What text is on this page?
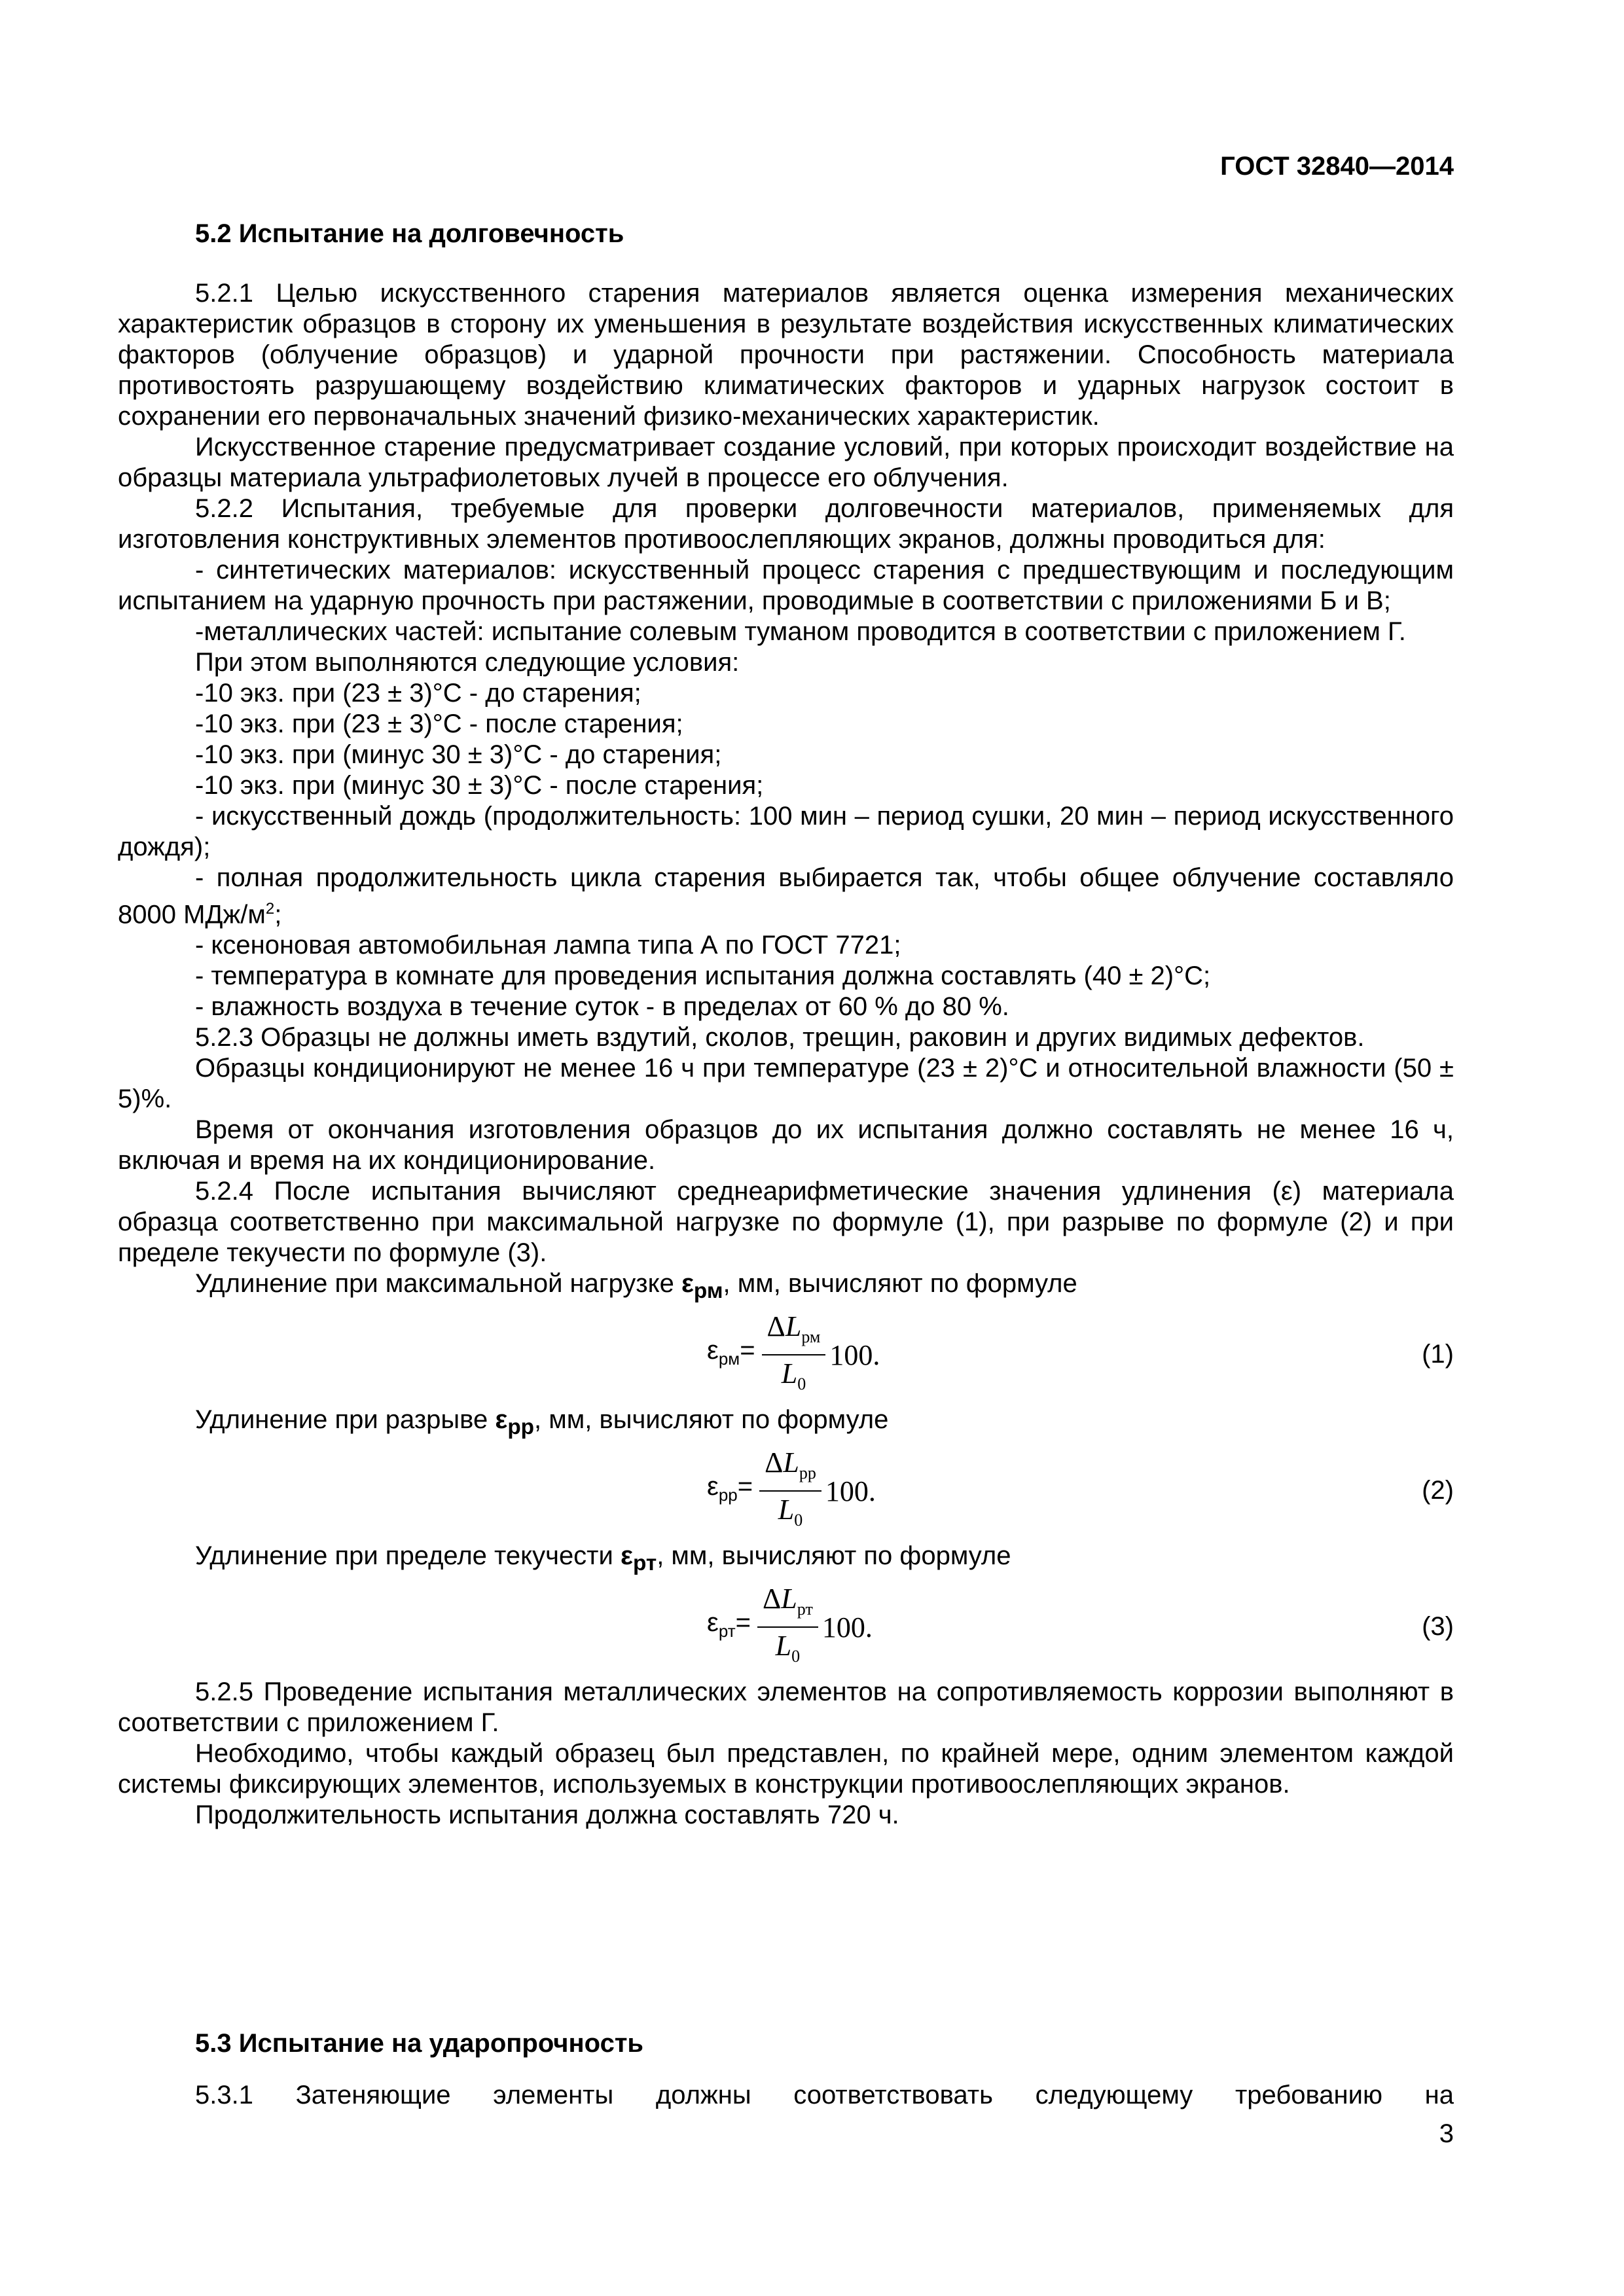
ГОСТ 32840—2014
5.2 Испытание на долговечность

5.2.1 Целью искусственного старения материалов является оценка измерения механических характеристик образцов в сторону их уменьшения в результате воздействия искусственных климатических факторов (облучение образцов) и ударной прочности при растяжении. Способность материала противостоять разрушающему воздействию климатических факторов и ударных нагрузок состоит в сохранении его первоначальных значений физико-механических характеристик.

Искусственное старение предусматривает создание условий, при которых происходит воздействие на образцы материала ультрафиолетовых лучей в процессе его облучения.

5.2.2 Испытания, требуемые для проверки долговечности материалов, применяемых для изготовления конструктивных элементов противоослепляющих экранов, должны проводиться для:

- синтетических материалов: искусственный процесс старения с предшествующим и последующим испытанием на ударную прочность при растяжении, проводимые в соответствии с приложениями Б и В;

-металлических частей: испытание солевым туманом проводится в соответствии с приложением Г.

При этом выполняются следующие условия:

-10 экз. при (23 ± 3)°С - до старения;

-10 экз. при (23 ± 3)°С - после старения;

-10 экз. при (минус 30 ± 3)°С - до старения;

-10 экз. при (минус 30 ± 3)°С - после старения;

- искусственный дождь (продолжительность: 100 мин – период сушки, 20 мин – период искусственного дождя);

- полная продолжительность цикла старения выбирается так, чтобы общее облучение составляло 8000 МДж/$м^2$;

- ксеноновая автомобильная лампа типа А по ГОСТ 7721;

- температура в комнате для проведения испытания должна составлять (40 ± 2)°С;

- влажность воздуха в течение суток - в пределах от 60 % до 80 %.

5.2.3 Образцы не должны иметь вздутий, сколов, трещин, раковин и других видимых дефектов.

Образцы кондиционируют не менее 16 ч при температуре (23 ± 2)°С и относительной влажности (50 ± 5)%.

Время от окончания изготовления образцов до их испытания должно составлять не менее 16 ч, включая и время на их кондиционирование.

5.2.4 После испытания вычисляют среднеарифметические значения удлинения (ε) материала образца соответственно при максимальной нагрузке по формуле (1), при разрыве по формуле (2) и при пределе текучести по формуле (3).

Удлинение при максимальной нагрузке $\varepsilon_{рм}$, мм, вычисляют по формуле

$\varepsilon_{рм}= \frac{\Delta L_{рм}}{L_0} 100$ .	(1)

Удлинение при разрыве $\varepsilon_{рр}$, мм, вычисляют по формуле

$\varepsilon_{рр}= \frac{\Delta L_{рр}}{L_0} 100$ .	(2)

Удлинение при пределе текучести $\varepsilon_{рт}$, мм, вычисляют по формуле

$\varepsilon_{рт}= \frac{\Delta L_{рт}}{L_0} 100$ .	(3)

5.2.5 Проведение испытания металлических элементов на сопротивляемость коррозии выполняют в соответствии с приложением Г.

Необходимо, чтобы каждый образец был представлен, по крайней мере, одним элементом каждой системы фиксирующих элементов, используемых в конструкции противоослепляющих экранов.

Продолжительность испытания должна составлять 720 ч.

5.3 Испытание на ударопрочность

5.3.1 Затеняющие элементы должны соответствовать следующему требованию на

3
